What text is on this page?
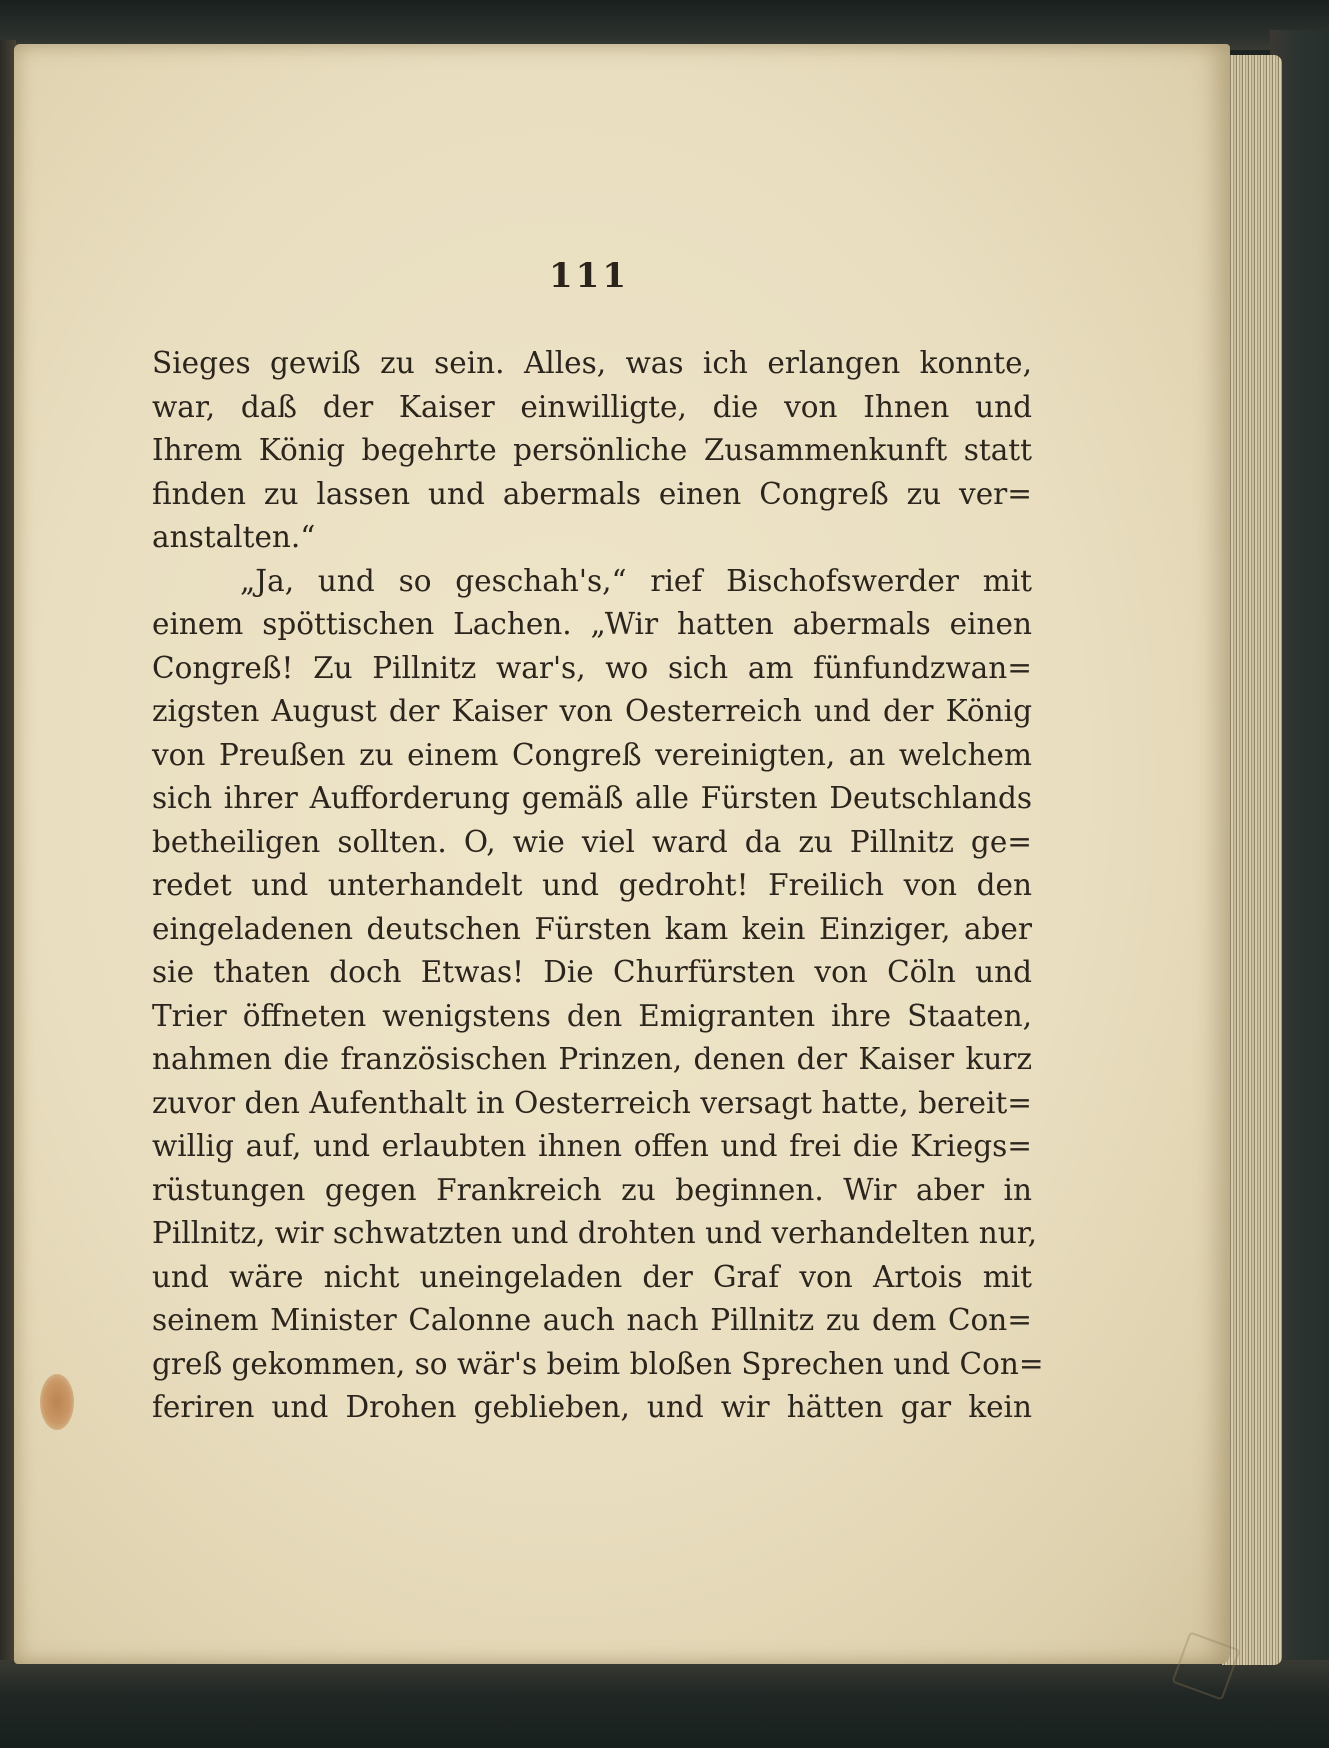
111
Sieges gewiß zu sein. Alles, was ich erlangen konnte,
war, daß der Kaiser einwilligte, die von Ihnen und
Ihrem König begehrte persönliche Zusammenkunft statt
finden zu lassen und abermals einen Congreß zu ver=
anstalten.“
„Ja, und so geschah's,“ rief Bischofswerder mit
einem spöttischen Lachen. „Wir hatten abermals einen
Congreß! Zu Pillnitz war's, wo sich am fünfundzwan=
zigsten August der Kaiser von Oesterreich und der König
von Preußen zu einem Congreß vereinigten, an welchem
sich ihrer Aufforderung gemäß alle Fürsten Deutschlands
betheiligen sollten. O, wie viel ward da zu Pillnitz ge=
redet und unterhandelt und gedroht! Freilich von den
eingeladenen deutschen Fürsten kam kein Einziger, aber
sie thaten doch Etwas! Die Churfürsten von Cöln und
Trier öffneten wenigstens den Emigranten ihre Staaten,
nahmen die französischen Prinzen, denen der Kaiser kurz
zuvor den Aufenthalt in Oesterreich versagt hatte, bereit=
willig auf, und erlaubten ihnen offen und frei die Kriegs=
rüstungen gegen Frankreich zu beginnen. Wir aber in
Pillnitz, wir schwatzten und drohten und verhandelten nur,
und wäre nicht uneingeladen der Graf von Artois mit
seinem Minister Calonne auch nach Pillnitz zu dem Con=
greß gekommen, so wär's beim bloßen Sprechen und Con=
feriren und Drohen geblieben, und wir hätten gar kein
